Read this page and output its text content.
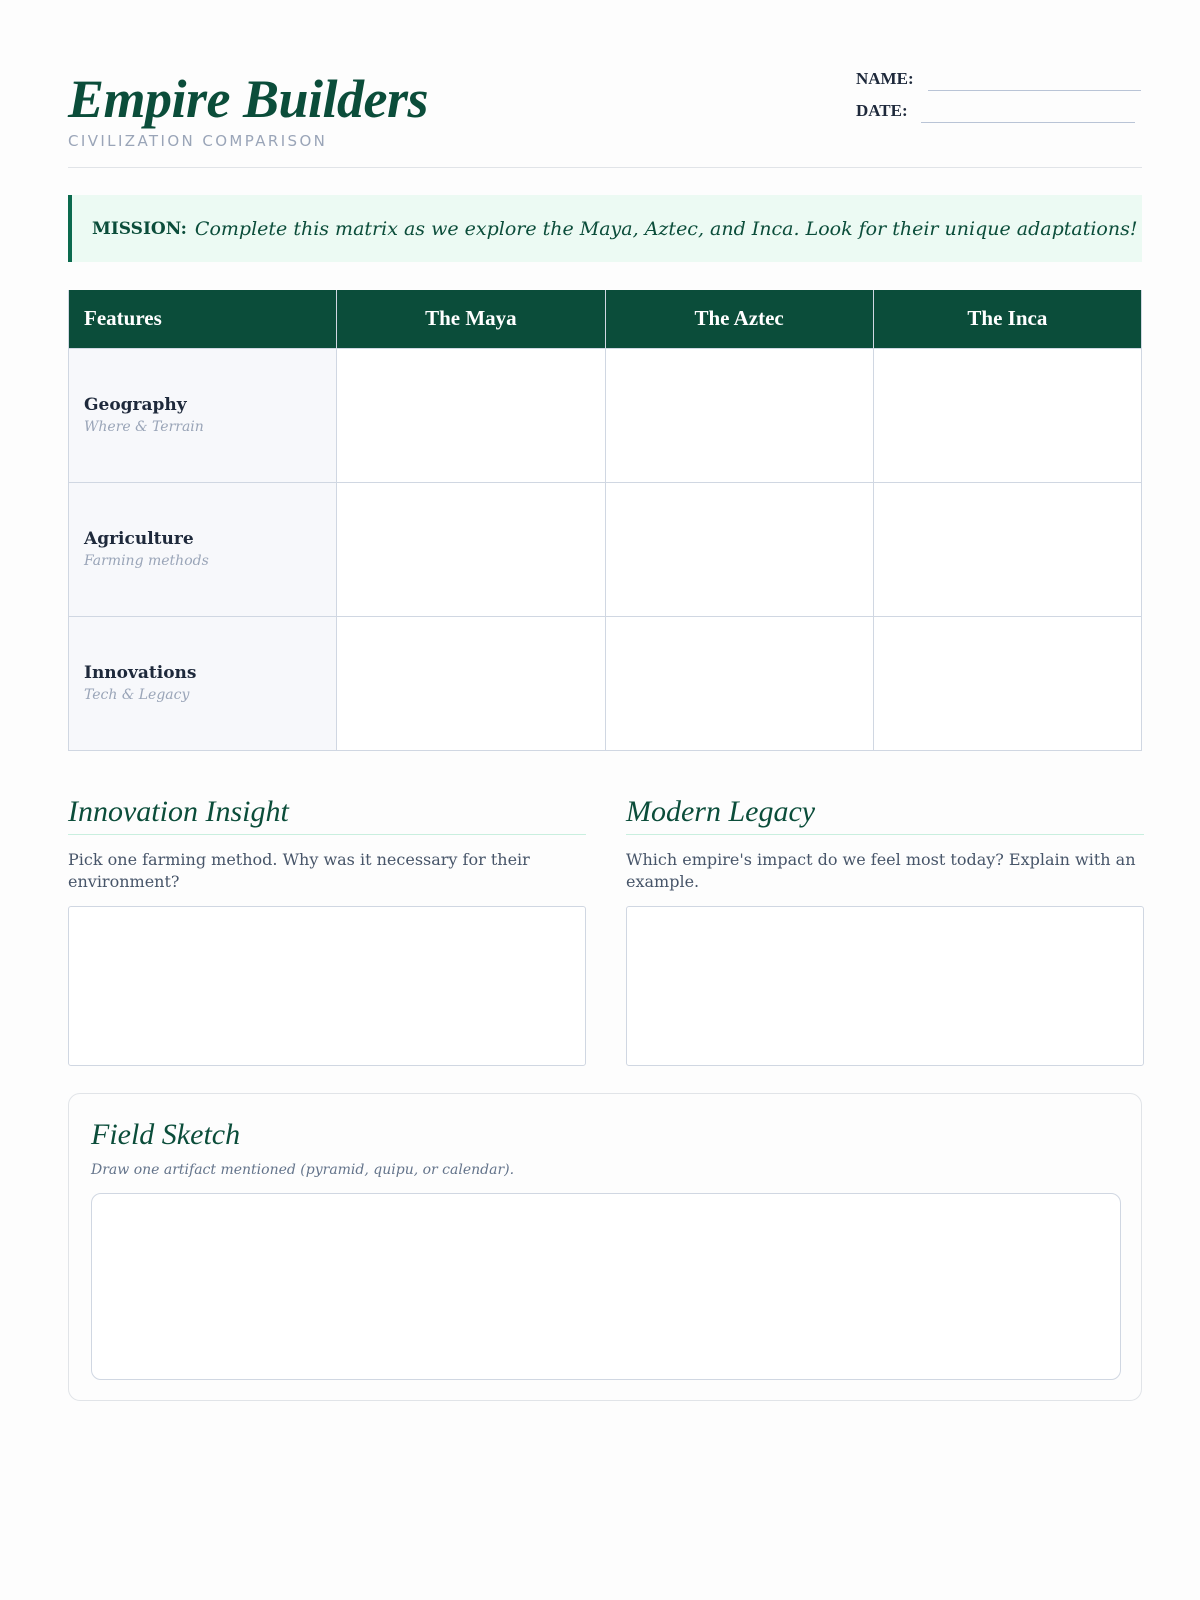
Empire Builders
CIVILIZATION COMPARISON
NAME:
DATE:
MISSION: Complete this matrix as we explore the Maya, Aztec, and Inca. Look for their unique adaptations!
Features	The Maya	The Aztec	The Inca

Geography
Where & Terrain			

Agriculture
Farming methods			

Innovations
Tech & Legacy			

Innovation Insight
Pick one farming method. Why was it necessary for their environment?
Modern Legacy
Which empire's impact do we feel most today? Explain with an example.
Field Sketch
Draw one artifact mentioned (pyramid, quipu, or calendar).
